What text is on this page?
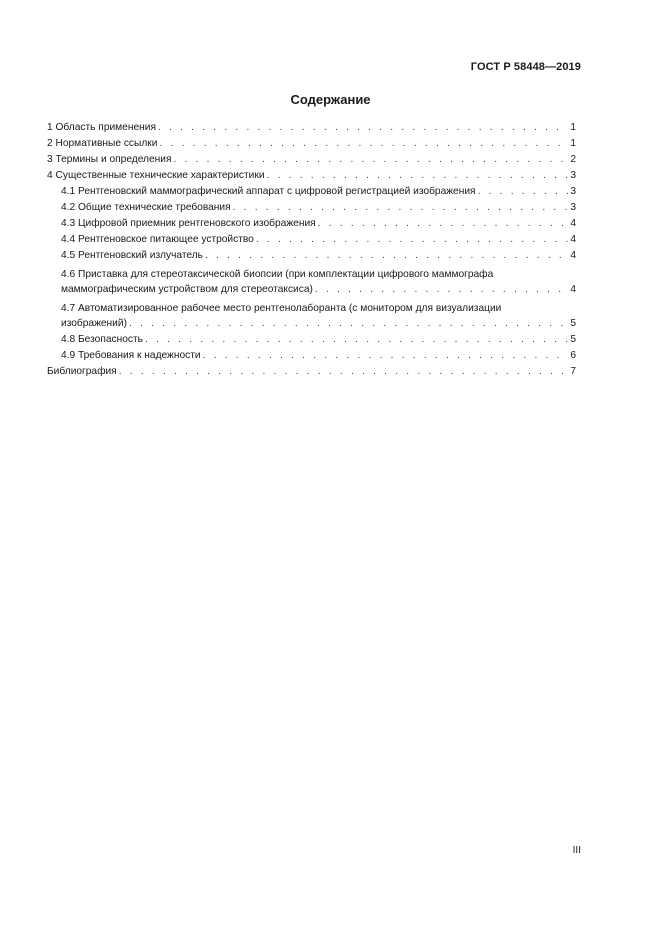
ГОСТ Р 58448—2019
Содержание
1 Область применения . . .	1
2 Нормативные ссылки . . .	1
3 Термины и определения . . .	2
4 Существенные технические характеристики . . .	3
4.1 Рентгеновский маммографический аппарат с цифровой регистрацией изображения . . .	3
4.2 Общие технические требования . . .	3
4.3 Цифровой приемник рентгеновского изображения . . .	4
4.4 Рентгеновское питающее устройство . . .	4
4.5 Рентгеновский излучатель . . .	4
4.6 Приставка для стереотаксической биопсии (при комплектации цифрового маммографа
маммографическим устройством для стереотаксиса) . . .	4
4.7 Автоматизированное рабочее место рентгенолаборанта (с монитором для визуализации
изображений) . . .	5
4.8 Безопасность . . .	5
4.9 Требования к надежности . . .	6
Библиография . . .	7
III
